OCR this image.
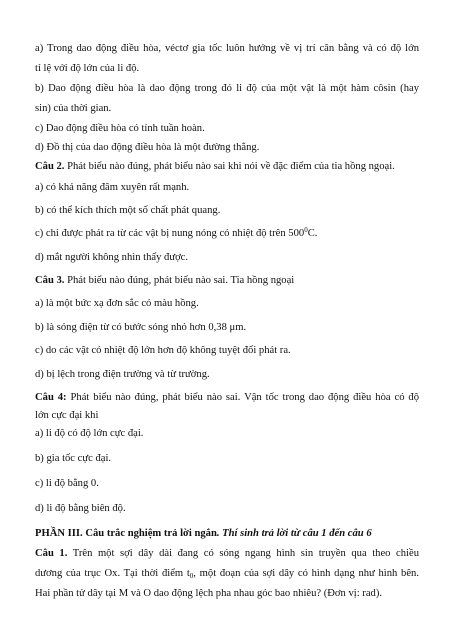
a) Trong dao động điều hòa, véctơ gia tốc luôn hướng về vị trí cân bằng và có độ lớn
tỉ lệ với độ lớn của li độ.
b) Dao động điều hòa là dao động trong đó li độ của một vật là một hàm côsin (hay
sin) của thời gian.
c) Dao động điều hòa có tính tuần hoàn.
d) Đồ thị của dao động điều hòa là một đường thẳng.
Câu 2. Phát biểu nào đúng, phát biểu nào sai khi nói về đặc điểm của tia hồng ngoại.
a) có khả năng đâm xuyên rất mạnh.
b) có thể kích thích một số chất phát quang.
c) chỉ được phát ra từ các vật bị nung nóng có nhiệt độ trên $500^0C$.
d) mắt người không nhìn thấy được.
Câu 3. Phát biểu nào đúng, phát biểu nào sai. Tia hồng ngoại
a) là một bức xạ đơn sắc có màu hồng.
b) là sóng điện từ có bước sóng nhỏ hơn 0,38 μm.
c) do các vật có nhiệt độ lớn hơn độ không tuyệt đối phát ra.
d) bị lệch trong điện trường và từ trường.
Câu 4: Phát biểu nào đúng, phát biểu nào sai. Vận tốc trong dao động điều hòa có độ
lớn cực đại khi
a) li độ có độ lớn cực đại.
b) gia tốc cực đại.
c) li độ bằng 0.
d) li độ bằng biên độ.
PHẦN III. Câu trắc nghiệm trả lời ngắn. Thí sinh trả lời từ câu 1 đến câu 6
Câu 1. Trên một sợi dây dài đang có sóng ngang hình sin truyền qua theo chiều
dương của trục Ox. Tại thời điểm $t_0$, một đoạn của sợi dây có hình dạng như hình bên.
Hai phần tử dây tại M và O dao động lệch pha nhau góc bao nhiêu? (Đơn vị: rad).
